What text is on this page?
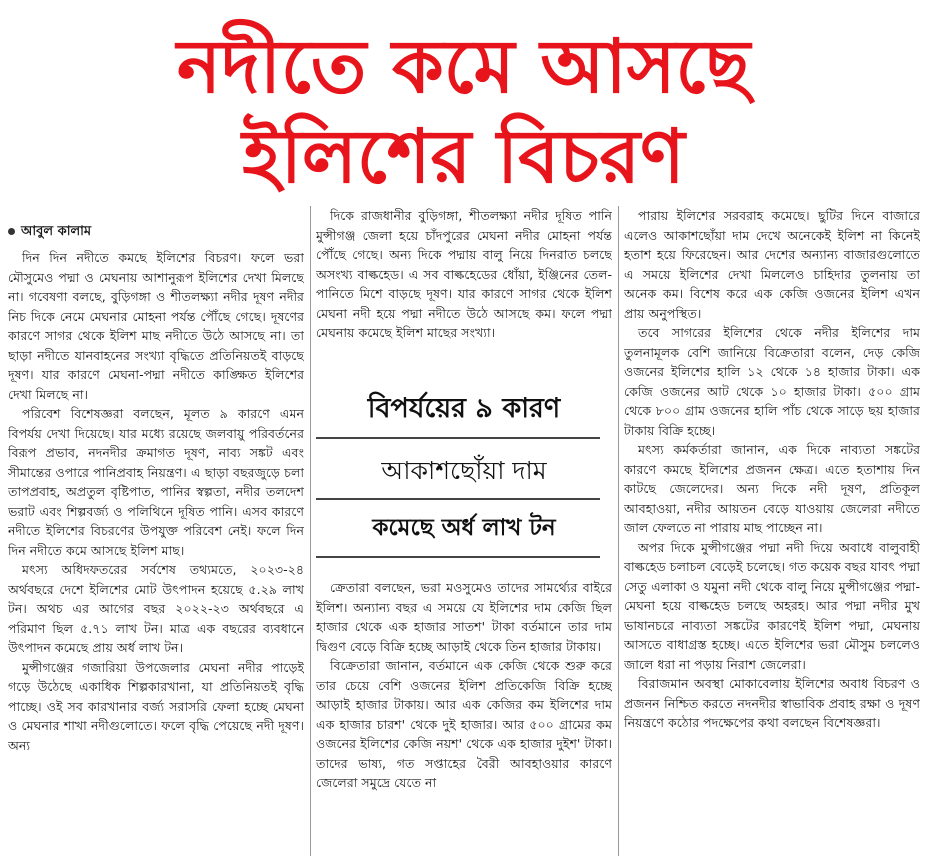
নদীতে কমে আসছে
ইলিশের বিচরণ
আবুল কালাম

দিন দিন নদীতে কমছে ইলিশের বিচরণ। ফলে ভরা মৌসুমেও পদ্মা ও মেঘনায় আশানুরূপ ইলিশের দেখা মিলছে না। গবেষণা বলছে, বুড়িগঙ্গা ও শীতলক্ষ্যা নদীর দূষণ নদীর নিচ দিকে নেমে মেঘনার মোহনা পর্যন্ত পৌঁছে গেছে। দূষণের কারণে সাগর থেকে ইলিশ মাছ নদীতে উঠে আসছে না। তা ছাড়া নদীতে যানবাহনের সংখ্যা বৃদ্ধিতে প্রতিনিয়তই বাড়ছে দূষণ। যার কারণে মেঘনা-পদ্মা নদীতে কাঙ্ক্ষিত ইলিশের দেখা মিলছে না।

পরিবেশ বিশেষজ্ঞরা বলছেন, মূলত ৯ কারণে এমন বিপর্যয় দেখা দিয়েছে। যার মধ্যে রয়েছে জলবায়ু পরিবর্তনের বিরূপ প্রভাব, নদনদীর ক্রমাগত দূষণ, নাব্য সঙ্কট এবং সীমান্তের ওপারে পানিপ্রবাহ নিয়ন্ত্রণ। এ ছাড়া বছরজুড়ে চলা তাপপ্রবাহ, অপ্রতুল বৃষ্টিপাত, পানির স্বল্পতা, নদীর তলদেশ ভরাট এবং শিল্পবর্জ্য ও পলিথিনে দূষিত পানি। এসব কারণে নদীতে ইলিশের বিচরণের উপযুক্ত পরিবেশ নেই। ফলে দিন দিন নদীতে কমে আসছে ইলিশ মাছ।

মৎস্য অধিদফতরের সর্বশেষ তথ্যমতে, ২০২৩-২৪ অর্থবছরে দেশে ইলিশের মোট উৎপাদন হয়েছে ৫.২৯ লাখ টন। অথচ এর আগের বছর ২০২২-২৩ অর্থবছরে এ পরিমাণ ছিল ৫.৭১ লাখ টন। মাত্র এক বছরের ব্যবধানে উৎপাদন কমেছে প্রায় অর্ধ লাখ টন।

মুন্সীগঞ্জের গজারিয়া উপজেলার মেঘনা নদীর পাড়েই গড়ে উঠেছে একাধিক শিল্পকারখানা, যা প্রতিনিয়তই বৃদ্ধি পাচ্ছে। ওই সব কারখানার বর্জ্য সরাসরি ফেলা হচ্ছে মেঘনা ও মেঘনার শাখা নদীগুলোতে। ফলে বৃদ্ধি পেয়েছে নদী দূষণ। অন্য

দিকে রাজধানীর বুড়িগঙ্গা, শীতলক্ষ্যা নদীর দূষিত পানি মুন্সীগঞ্জ জেলা হয়ে চাঁদপুরের মেঘনা নদীর মোহনা পর্যন্ত পৌঁছে গেছে। অন্য দিকে পদ্মায় বালু নিয়ে দিনরাত চলছে অসংখ্য বাল্কহেড। এ সব বাল্কহেডের ধোঁয়া, ইঞ্জিনের তেল-পানিতে মিশে বাড়ছে দূষণ। যার কারণে সাগর থেকে ইলিশ মেঘনা নদী হয়ে পদ্মা নদীতে উঠে আসছে কম। ফলে পদ্মা মেঘনায় কমেছে ইলিশ মাছের সংখ্যা।

বিপর্যয়ের ৯ কারণ
আকাশছোঁয়া দাম
কমেছে অর্ধ লাখ টন

ক্রেতারা বলছেন, ভরা মওসুমেও তাদের সামর্থ্যের বাইরে ইলিশ। অন্যান্য বছর এ সময়ে যে ইলিশের দাম কেজি ছিল হাজার থেকে এক হাজার সাতশ' টাকা বর্তমানে তার দাম দ্বিগুণ বেড়ে বিক্রি হচ্ছে আড়াই থেকে তিন হাজার টাকায়।

বিক্রেতারা জানান, বর্তমানে এক কেজি থেকে শুরু করে তার চেয়ে বেশি ওজনের ইলিশ প্রতিকেজি বিক্রি হচ্ছে আড়াই হাজার টাকায়। আর এক কেজির কম ইলিশের দাম এক হাজার চারশ' থেকে দুই হাজার। আর ৫০০ গ্রামের কম ওজনের ইলিশের কেজি নয়শ' থেকে এক হাজার দুইশ' টাকা। তাদের ভাষ্য, গত সপ্তাহের বৈরী আবহাওয়ার কারণে জেলেরা সমুদ্রে যেতে না

পারায় ইলিশের সরবরাহ কমেছে। ছুটির দিনে বাজারে এলেও আকাশছোঁয়া দাম দেখে অনেকেই ইলিশ না কিনেই হতাশ হয়ে ফিরেছেন। আর দেশের অন্যান্য বাজারগুলোতে এ সময়ে ইলিশের দেখা মিললেও চাহিদার তুলনায় তা অনেক কম। বিশেষ করে এক কেজি ওজনের ইলিশ এখন প্রায় অনুপস্থিত।

তবে সাগরের ইলিশের থেকে নদীর ইলিশের দাম তুলনামূলক বেশি জানিয়ে বিক্রেতারা বলেন, দেড় কেজি ওজনের ইলিশের হালি ১২ থেকে ১৪ হাজার টাকা। এক কেজি ওজনের আট থেকে ১০ হাজার টাকা। ৫০০ গ্রাম থেকে ৮০০ গ্রাম ওজনের হালি পাঁচ থেকে সাড়ে ছয় হাজার টাকায় বিক্রি হচ্ছে।

মৎস্য কর্মকর্তারা জানান, এক দিকে নাব্যতা সঙ্কটের কারণে কমছে ইলিশের প্রজনন ক্ষেত্র। এতে হতাশায় দিন কাটছে জেলেদের। অন্য দিকে নদী দূষণ, প্রতিকূল আবহাওয়া, নদীর আয়তন বেড়ে যাওয়ায় জেলেরা নদীতে জাল ফেলতে না পারায় মাছ পাচ্ছেন না।

অপর দিকে মুন্সীগঞ্জের পদ্মা নদী দিয়ে অবাধে বালুবাহী বাল্কহেড চলাচল বেড়েই চলেছে। গত কয়েক বছর যাবৎ পদ্মা সেতু এলাকা ও যমুনা নদী থেকে বালু নিয়ে মুন্সীগঞ্জের পদ্মা-মেঘনা হয়ে বাল্কহেড চলছে অহরহ। আর পদ্মা নদীর মুখ ভাষানচরে নাব্যতা সঙ্কটের কারণেই ইলিশ পদ্মা, মেঘনায় আসতে বাধাগ্রস্ত হচ্ছে। এতে ইলিশের ভরা মৌসুম চললেও জালে ধরা না পড়ায় নিরাশ জেলেরা।

বিরাজমান অবস্থা মোকাবেলায় ইলিশের অবাধ বিচরণ ও প্রজনন নিশ্চিত করতে নদনদীর স্বাভাবিক প্রবাহ রক্ষা ও দূষণ নিয়ন্ত্রণে কঠোর পদক্ষেপের কথা বলছেন বিশেষজ্ঞরা।
